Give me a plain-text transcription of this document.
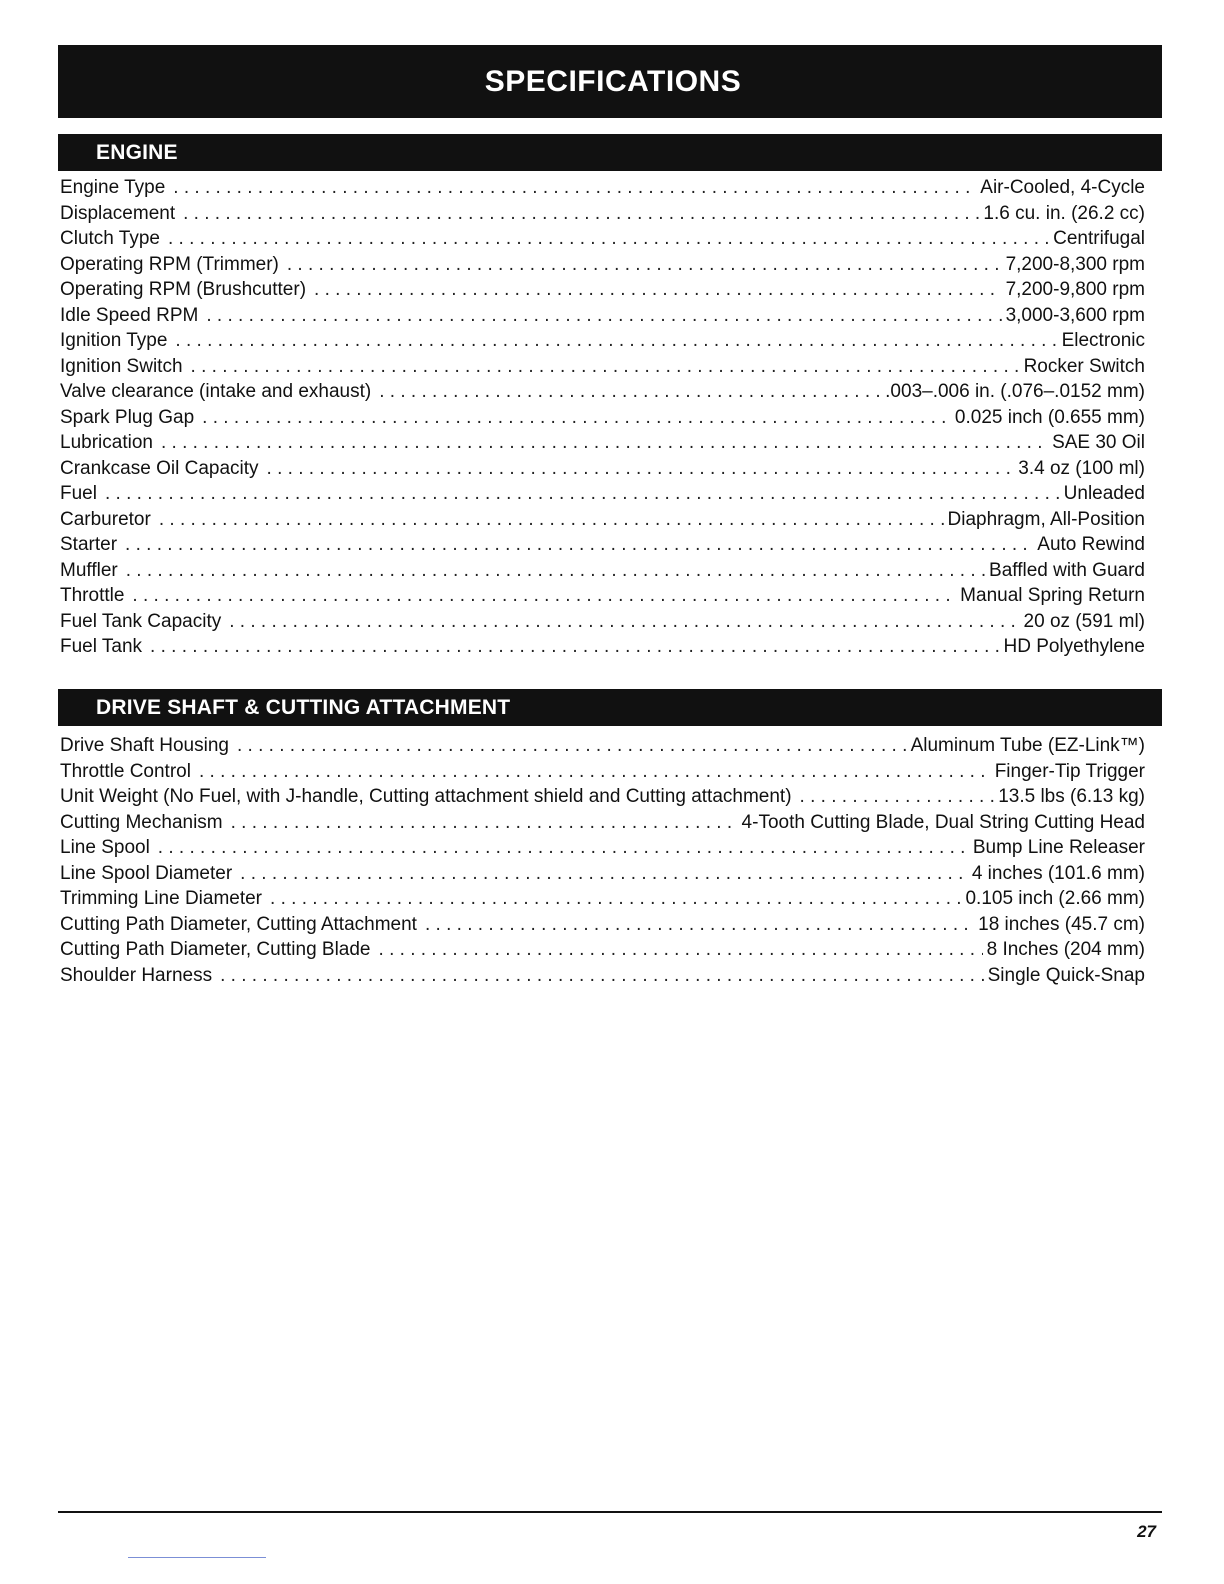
SPECIFICATIONS
ENGINE
Engine Type . . .	Air-Cooled, 4-Cycle
Displacement . . .	1.6 cu. in. (26.2 cc)
Clutch Type . . .	Centrifugal
Operating RPM (Trimmer) . . .	7,200-8,300 rpm
Operating RPM (Brushcutter) . . .	7,200-9,800 rpm
Idle Speed RPM . . .	3,000-3,600 rpm
Ignition Type . . .	Electronic
Ignition Switch . . .	Rocker Switch
Valve clearance (intake and exhaust) . . .	.003–.006 in. (.076–.0152 mm)
Spark Plug Gap . . .	0.025 inch (0.655 mm)
Lubrication . . .	SAE 30 Oil
Crankcase Oil Capacity . . .	3.4 oz (100 ml)
Fuel . . .	Unleaded
Carburetor . . .	Diaphragm, All-Position
Starter . . .	Auto Rewind
Muffler . . .	Baffled with Guard
Throttle . . .	Manual Spring Return
Fuel Tank Capacity . . .	20 oz (591 ml)
Fuel Tank . . .	HD Polyethylene
DRIVE SHAFT & CUTTING ATTACHMENT
Drive Shaft Housing . . .	Aluminum Tube (EZ-Link™)
Throttle Control . . .	Finger-Tip Trigger
Unit Weight (No Fuel, with J-handle, Cutting attachment shield and Cutting attachment) . . .	13.5 lbs (6.13 kg)
Cutting Mechanism . . .	4-Tooth Cutting Blade, Dual String Cutting Head
Line Spool . . .	Bump Line Releaser
Line Spool Diameter . . .	4 inches (101.6 mm)
Trimming Line Diameter . . .	0.105 inch (2.66 mm)
Cutting Path Diameter, Cutting Attachment . . .	18 inches (45.7 cm)
Cutting Path Diameter, Cutting Blade . . .	8 Inches (204 mm)
Shoulder Harness . . .	Single Quick-Snap
27
